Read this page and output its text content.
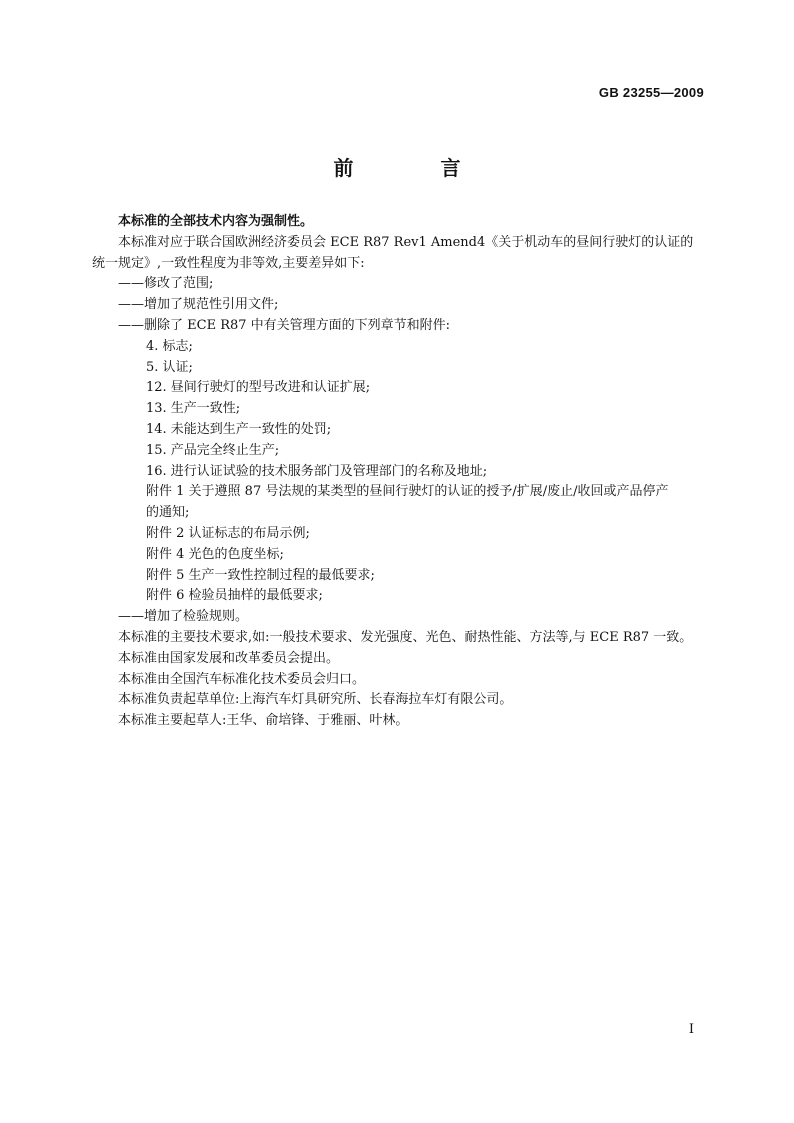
GB 23255—2009
前 言
本标准的全部技术内容为强制性。
本标准对应于联合国欧洲经济委员会 ECE R87 Rev1 Amend4《关于机动车的昼间行驶灯的认证的
统一规定》,一致性程度为非等效,主要差异如下:
——修改了范围;
——增加了规范性引用文件;
——删除了 ECE R87 中有关管理方面的下列章节和附件:
4. 标志;
5. 认证;
12. 昼间行驶灯的型号改进和认证扩展;
13. 生产一致性;
14. 未能达到生产一致性的处罚;
15. 产品完全终止生产;
16. 进行认证试验的技术服务部门及管理部门的名称及地址;
附件 1 关于遵照 87 号法规的某类型的昼间行驶灯的认证的授予/扩展/废止/收回或产品停产
的通知;
附件 2 认证标志的布局示例;
附件 4 光色的色度坐标;
附件 5 生产一致性控制过程的最低要求;
附件 6 检验员抽样的最低要求;
——增加了检验规则。
本标准的主要技术要求,如:一般技术要求、发光强度、光色、耐热性能、方法等,与 ECE R87 一致。
本标准由国家发展和改革委员会提出。
本标准由全国汽车标准化技术委员会归口。
本标准负责起草单位:上海汽车灯具研究所、长春海拉车灯有限公司。
本标准主要起草人:王华、俞培锋、于雅丽、叶林。
I
